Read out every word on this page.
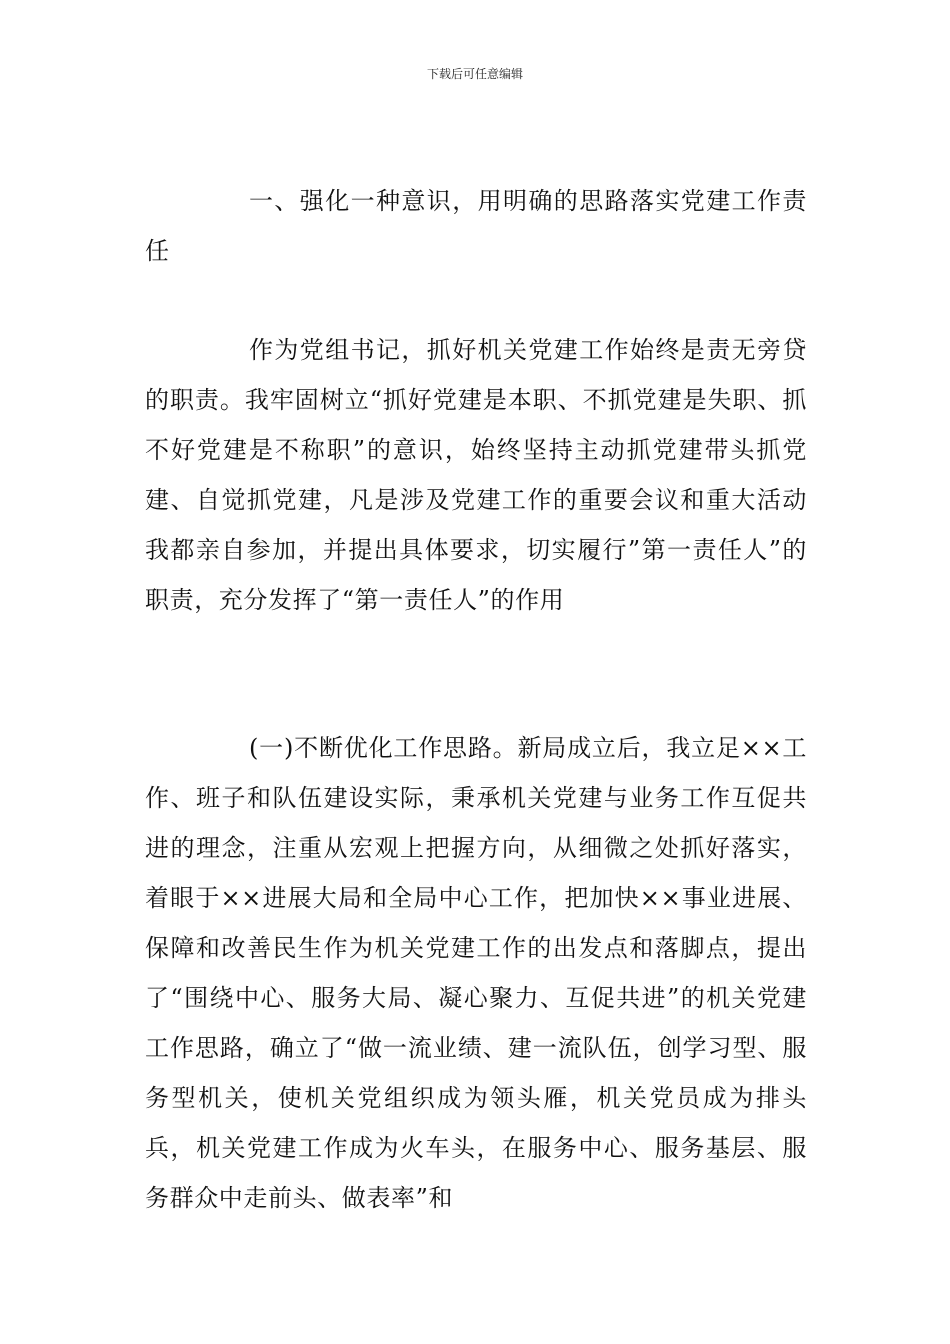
下载后可任意编辑
一、强化一种意识，用明确的思路落实党建工作责任
作为党组书记，抓好机关党建工作始终是责无旁贷的职责。我牢固树立“抓好党建是本职、不抓党建是失职、抓不好党建是不称职”的意识，始终坚持主动抓党建带头抓党建、自觉抓党建，凡是涉及党建工作的重要会议和重大活动我都亲自参加，并提出具体要求，切实履行”第一责任人”的职责，充分发挥了“第一责任人”的作用
(一)不断优化工作思路。新局成立后，我立足××工作、班子和队伍建设实际，秉承机关党建与业务工作互促共进的理念，注重从宏观上把握方向，从细微之处抓好落实，着眼于××进展大局和全局中心工作，把加快××事业进展、保障和改善民生作为机关党建工作的出发点和落脚点，提出了“围绕中心、服务大局、凝心聚力、互促共进”的机关党建工作思路，确立了“做一流业绩、建一流队伍，创学习型、服务型机关，使机关党组织成为领头雁，机关党员成为排头兵，机关党建工作成为火车头，在服务中心、服务基层、服务群众中走前头、做表率”和
